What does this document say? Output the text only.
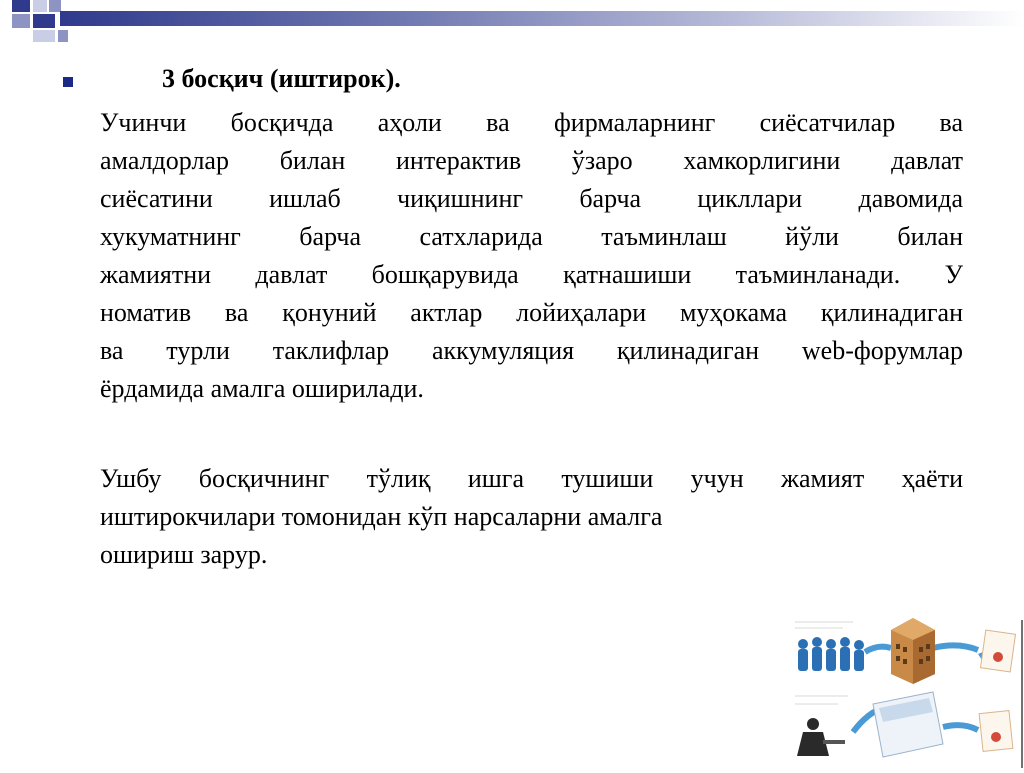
3 босқич (иштирок).

Учинчи босқичда аҳоли ва фирмаларнинг сиёсатчилар ва
амалдорлар билан интерактив ўзаро хамкорлигини давлат
сиёсатини ишлаб чиқишнинг барча цикллари давомида
хукуматнинг барча сатхларида таъминлаш йўли билан
жамиятни давлат бошқарувида қатнашиши таъминланади. У
номатив ва қонуний актлар лойиҳалари муҳокама қилинадиган
ва турли таклифлар аккумуляция қилинадиган web-форумлар
ёрдамида амалга оширилади.

Ушбу босқичнинг тўлиқ ишга тушиши учун жамият ҳаёти
иштирокчилари томонидан кўп нарсаларни амалга

ошириш зарур.
